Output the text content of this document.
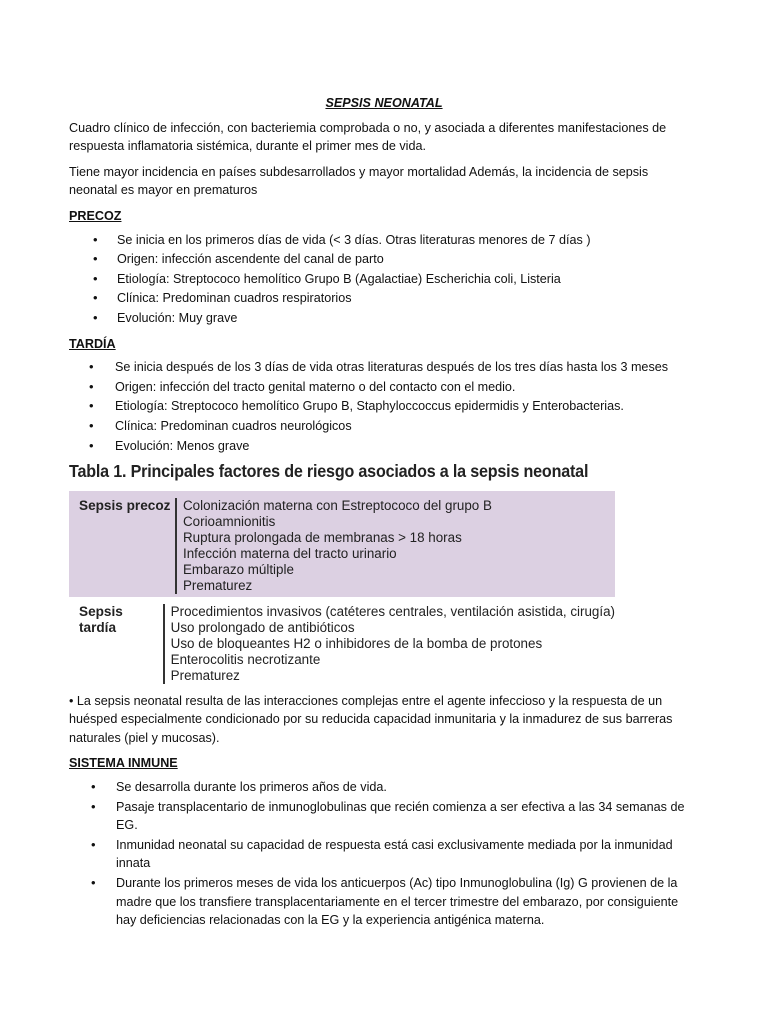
SEPSIS NEONATAL

Cuadro clínico de infección, con bacteriemia comprobada o no, y asociada a diferentes manifestaciones de respuesta inflamatoria sistémica, durante el primer mes de vida.

Tiene mayor incidencia en países subdesarrollados y mayor mortalidad Además, la incidencia de sepsis neonatal es mayor en prematuros

PRECOZ
• Se inicia en los primeros días de vida (< 3 días. Otras literaturas menores de 7 días )
• Origen: infección ascendente del canal de parto
• Etiología: Streptococo hemolítico Grupo B (Agalactiae) Escherichia coli, Listeria
• Clínica: Predominan cuadros respiratorios
• Evolución: Muy grave
TARDÍA
• Se inicia después de los 3 días de vida otras literaturas después de los tres días hasta los 3 meses
• Origen: infección del tracto genital materno o del contacto con el medio.
• Etiología: Streptococo hemolítico Grupo B, Staphyloccoccus epidermidis y Enterobacterias.
• Clínica: Predominan cuadros neurológicos
• Evolución: Menos grave
Tabla 1. Principales factores de riesgo asociados a la sepsis neonatal
Sepsis precoz Colonización materna con Estreptococo del grupo B
Corioamnionitis
Ruptura prolongada de membranas > 18 horas
Infección materna del tracto urinario
Embarazo múltiple
Prematurez
Sepsis tardía
Procedimientos invasivos (catéteres centrales, ventilación asistida, cirugía)
Uso prolongado de antibióticos
Uso de bloqueantes H2 o inhibidores de la bomba de protones
Enterocolitis necrotizante
Prematurez

• La sepsis neonatal resulta de las interacciones complejas entre el agente infeccioso y la respuesta de un huésped especialmente condicionado por su reducida capacidad inmunitaria y la inmadurez de sus barreras naturales (piel y mucosas).

SISTEMA INMUNE
• Se desarrolla durante los primeros años de vida.
• Pasaje transplacentario de inmunoglobulinas que recién comienza a ser efectiva a las 34 semanas de EG.
• Inmunidad neonatal su capacidad de respuesta está casi exclusivamente mediada por la inmunidad innata
• Durante los primeros meses de vida los anticuerpos (Ac) tipo Inmunoglobulina (Ig) G provienen de la madre que los transfiere transplacentariamente en el tercer trimestre del embarazo, por consiguiente hay deficiencias relacionadas con la EG y la experiencia antigénica materna.
